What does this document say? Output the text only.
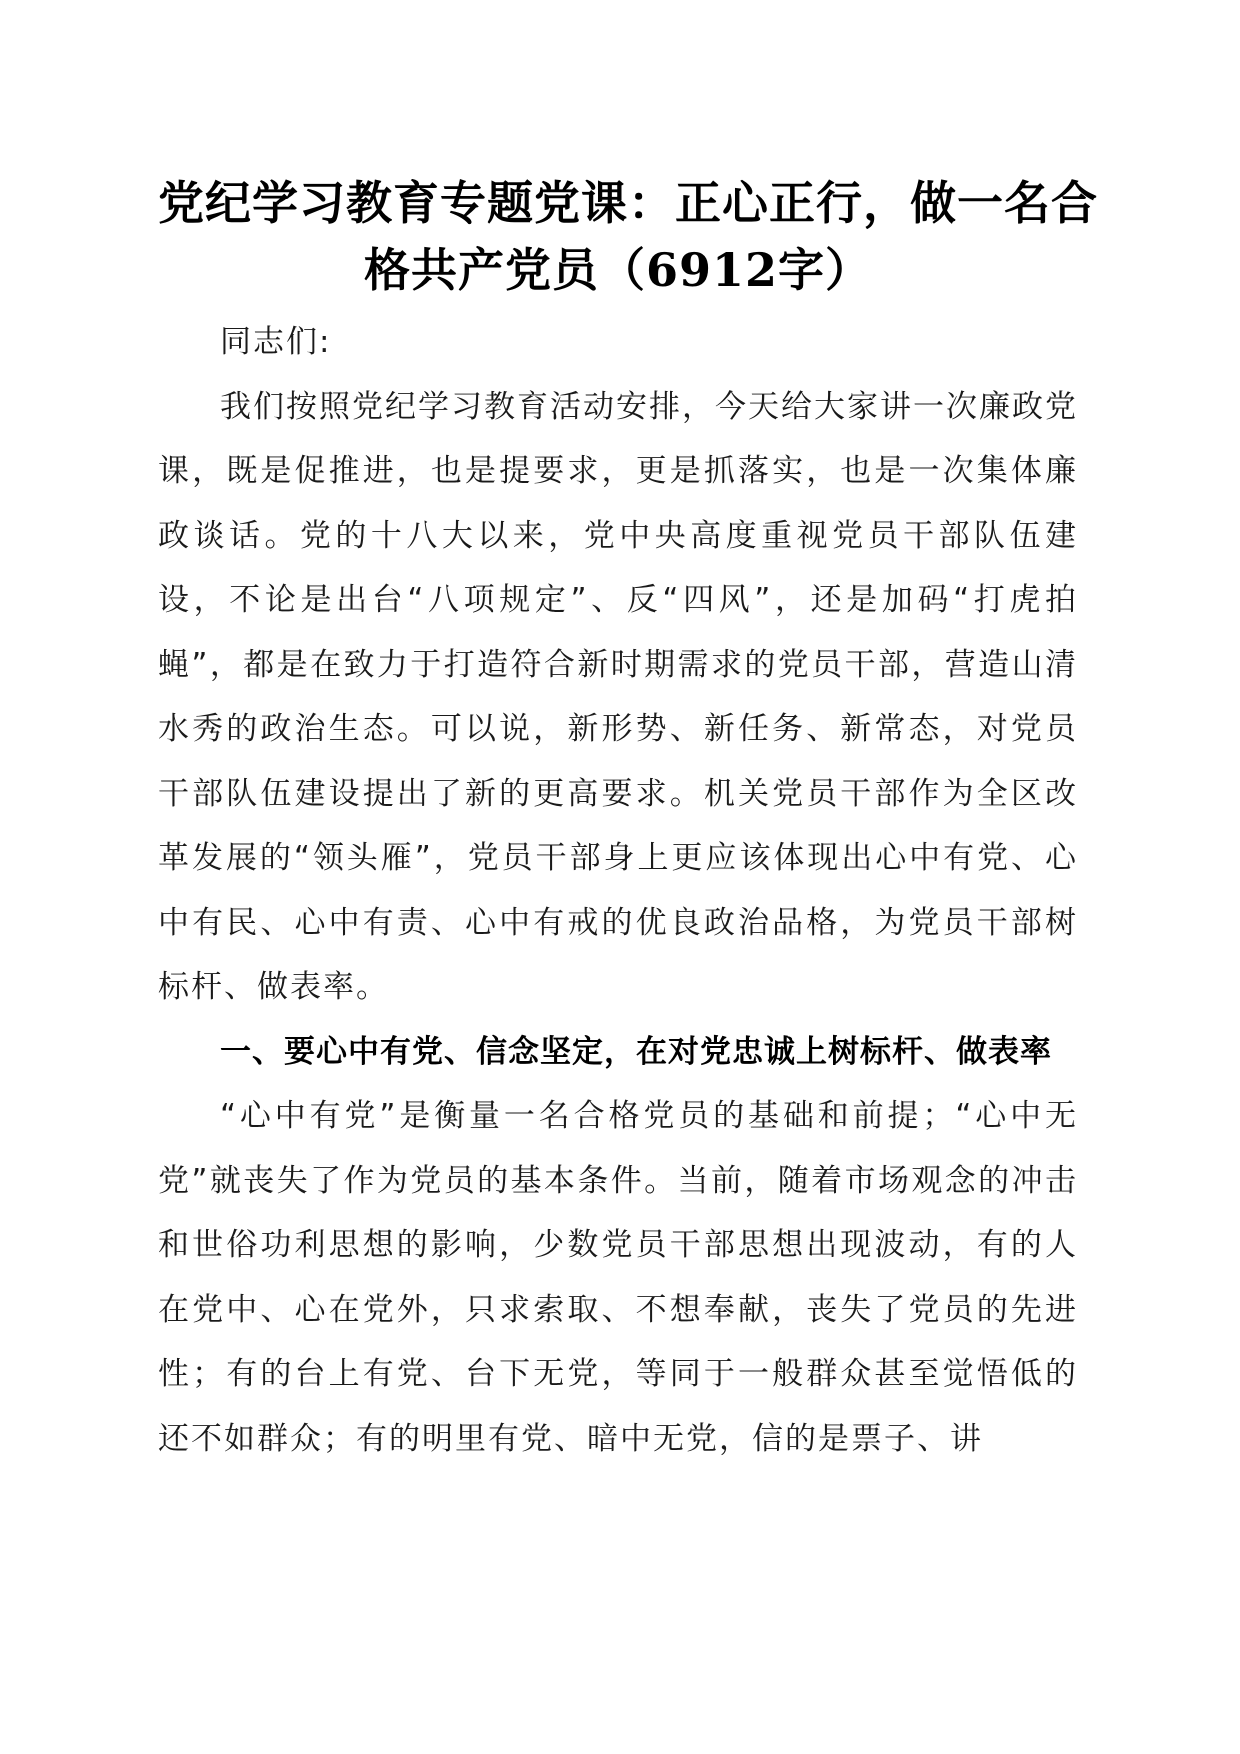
党纪学习教育专题党课：正心正行，做一名合
格共产党员（6912字）

同志们:

我们按照党纪学习教育活动安排，今天给大家讲一次廉政党课，既是促推进，也是提要求，更是抓落实，也是一次集体廉政谈话。党的十八大以来，党中央高度重视党员干部队伍建设，不论是出台“八项规定”、反“四风”，还是加码“打虎拍蝇”，都是在致力于打造符合新时期需求的党员干部，营造山清水秀的政治生态。可以说，新形势、新任务、新常态，对党员干部队伍建设提出了新的更高要求。机关党员干部作为全区改革发展的“领头雁”，党员干部身上更应该体现出心中有党、心中有民、心中有责、心中有戒的优良政治品格，为党员干部树标杆、做表率。

一、要心中有党、信念坚定，在对党忠诚上树标杆、做表率

“心中有党”是衡量一名合格党员的基础和前提；“心中无党”就丧失了作为党员的基本条件。当前，随着市场观念的冲击和世俗功利思想的影响，少数党员干部思想出现波动，有的人在党中、心在党外，只求索取、不想奉献，丧失了党员的先进性；有的台上有党、台下无党，等同于一般群众甚至觉悟低的还不如群众；有的明里有党、暗中无党，信的是票子、讲
